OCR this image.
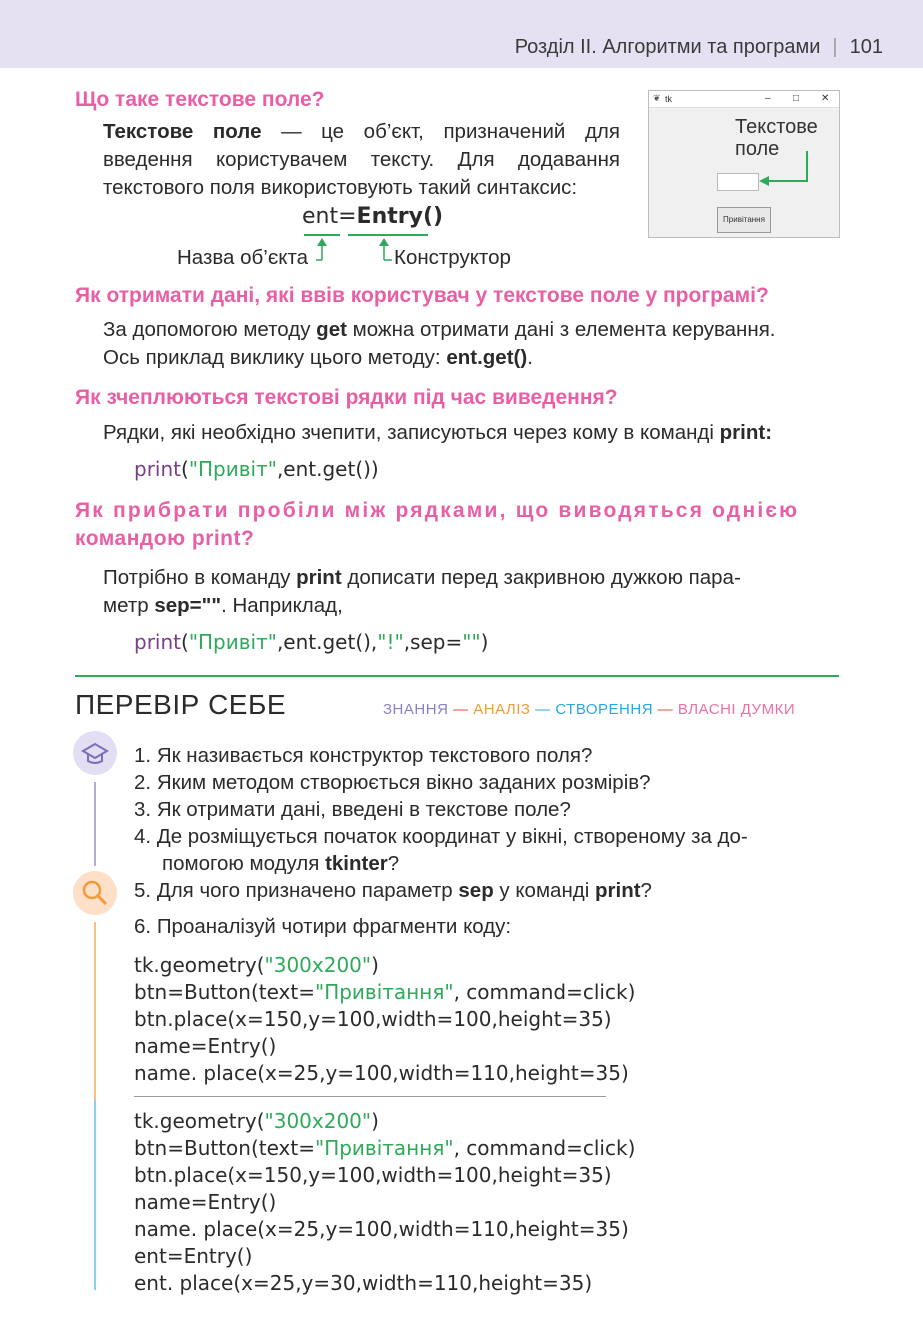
Розділ ІІ. Алгоритми та програми | 101
Що таке текстове поле?
Текстове поле — це об’єкт, призначений для введення користувачем тексту. Для додавання текстового поля використовують такий синтаксис:
ent=Entry()
Назва об’єкта	Конструктор
❦ tk	– □ ✕
Текстове поле
Привітання
Як отримати дані, які ввів користувач у текстове поле у програмі?
За допомогою методу get можна отримати дані з елемента керування.
Ось приклад виклику цього методу: ent.get().
Як зчеплюються текстові рядки під час виведення?
Рядки, які необхідно зчепити, записуються через кому в команді print:
print("Привіт",ent.get())
Як прибрати пробіли між рядками, що виводяться однією
командою print?
Потрібно в команду print дописати перед закривною дужкою пара-
метр sep="". Наприклад,
print("Привіт",ent.get(),"!",sep="")
ПЕРЕВІР СЕБЕ	ЗНАННЯ — АНАЛІЗ — СТВОРЕННЯ — ВЛАСНІ ДУМКИ
1. Як називається конструктор текстового поля?
2. Яким методом створюється вікно заданих розмірів?
3. Як отримати дані, введені в текстове поле?
4. Де розміщується початок координат у вікні, створеному за до-
помогою модуля tkinter?
5. Для чого призначено параметр sep у команді print?
6. Проаналізуй чотири фрагменти коду:
tk.geometry("300x200")
btn=Button(text="Привітання", command=click)
btn.place(x=150,y=100,width=100,height=35)
name=Entry()
name. place(x=25,y=100,width=110,height=35)
tk.geometry("300x200")
btn=Button(text="Привітання", command=click)
btn.place(x=150,y=100,width=100,height=35)
name=Entry()
name. place(x=25,y=100,width=110,height=35)
ent=Entry()
ent. place(x=25,y=30,width=110,height=35)
